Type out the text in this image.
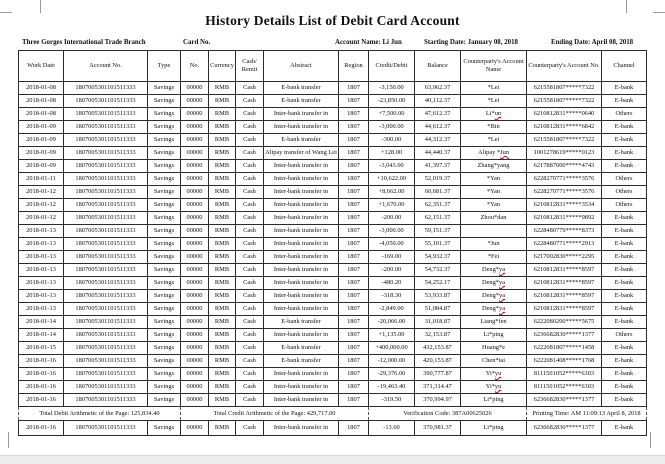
History Details List of Debit Card Account
Three Gorges International Trade Branch	Card No.	Account Name: Li Jun	Starting Date: January 08, 2018	Ending Date: April 08, 2018
Work Date	Account No.	Type	No.	Currency	Cash/ Remit	Abstract	Region	Credit/Debit	Balance	Counterparty's Account Name	Counterparty's Account No.	Channel
2018-01-08	1807005301101511333	Savings	00000	RMB	Cash	E-bank transfer	1807	-3,150.00	63,962.37	*Lei	6215581807*****7322	E-bank
2018-01-08	1807005301101511333	Savings	00000	RMB	Cash	E-bank transfer	1807	-23,850.00	40,112.37	*Lei	6215581807*****7322	E-bank
2018-01-08	1807005301101511333	Savings	00000	RMB	Cash	Inter-bank transfer in	1807	+7,500.00	47,612.37	Li*un	6210812831*****0640	Others
2018-01-09	1807005301101511333	Savings	00000	RMB	Cash	Inter-bank transfer in	1807	-3,000.00	44,612.37	*Bin	6210812831*****6842	E-bank
2018-01-09	1807005301101511333	Savings	00000	RMB	Cash	E-bank transfer	1807	-300.00	44,312.37	*Lei	6215581807*****7322	E-bank
2018-01-09	1807005301101511333	Savings	00000	RMB	Cash	Alipay transfer of Wang Lei	1807	+128.00	44,440.37	Alipay *Jun	1001278619*****0123	E-bank
2018-01-09	1807005301101511333	Savings	00000	RMB	Cash	Inter-bank transfer in	1807	-3,043.00	41,397.37	Zhang*yang	6217887000*****4743	E-bank
2018-01-11	1807005301101511333	Savings	00000	RMB	Cash	Inter-bank transfer in	1807	+10,622.00	52,019.37	*Yan	6228270771*****3576	Others
2018-01-12	1807005301101511333	Savings	00000	RMB	Cash	Inter-bank transfer in	1807	+8,662.00	60,681.37	*Yan	6228270771*****3576	Others
2018-01-12	1807005301101511333	Savings	00000	RMB	Cash	Inter-bank transfer in	1807	+1,670.00	62,351.37	*Yan	6210812831*****3534	Others
2018-01-12	1807005301101511333	Savings	00000	RMB	Cash	Inter-bank transfer in	1807	-200.00	62,151.37	Zhou*dan	6210812831*****9892	E-bank
2018-01-13	1807005301101511333	Savings	00000	RMB	Cash	Inter-bank transfer in	1807	-3,000.00	59,151.37		6228480779*****8373	E-bank
2018-01-13	1807005301101511333	Savings	00000	RMB	Cash	Inter-bank transfer in	1807	-4,050.00	55,101.37	*Jun	6228480771*****2913	E-bank
2018-01-13	1807005301101511333	Savings	00000	RMB	Cash	Inter-bank transfer in	1807	-169.00	54,932.37	*Fei	6217002830*****2295	E-bank
2018-01-13	1807005301101511333	Savings	00000	RMB	Cash	Inter-bank transfer in	1807	-200.00	54,732.37	Deng*ya	6210812831*****8597	E-bank
2018-01-13	1807005301101511333	Savings	00000	RMB	Cash	Inter-bank transfer in	1807	-480.20	54,252.17	Deng*ya	6210812831*****8597	E-bank
2018-01-13	1807005301101511333	Savings	00000	RMB	Cash	Inter-bank transfer in	1807	-318.30	53,933.87	Deng*ya	6210812831*****8597	E-bank
2018-01-13	1807005301101511333	Savings	00000	RMB	Cash	Inter-bank transfer in	1807	-2,849.00	51,084.87	Deng*ya	6210812831*****8597	E-bank
2018-01-14	1807005301101511333	Savings	00000	RMB	Cash	E-bank transfer	1807	-20,066.00	31,018.87	Liang*fen	6222080200*****5675	E-bank
2018-01-14	1807005301101511333	Savings	00000	RMB	Cash	Inter-bank transfer in	1807	+1,135.00	32,153.87	Li*ping	6236682830*****1377	Others
2018-01-15	1807005301101511333	Savings	00000	RMB	Cash	E-bank transfer	1807	+400,000.00	432,153.87	Huang*e	6222081807*****1458	E-bank
2018-01-16	1807005301101511333	Savings	00000	RMB	Cash	E-bank transfer	1807	-12,000.00	420,153.87	Chen*tai	6222081408*****1768	E-bank
2018-01-16	1807005301101511333	Savings	00000	RMB	Cash	Inter-bank transfer in	1807	-29,376.00	390,777.87	Yi*yu	8111501052*****6303	E-bank
2018-01-16	1807005301101511333	Savings	00000	RMB	Cash	Inter-bank transfer in	1807	-19,463.40	371,314.47	Yi*yu	8111501052*****6303	E-bank
2018-01-16	1807005301101511333	Savings	00000	RMB	Cash	Inter-bank transfer in	1807	-319.50	370,994.97	Li*ping	6236682830*****1377	E-bank
Total Debit Arithmetic of the Page: 125,834.40			Total Credit Arithmetic of the Page: 429,717.00					Verification Code: 387A00625026			Printing Time: AM 11:09:13 April 8, 2018	
2018-01-16	1807005301101511333	Savings	00000	RMB	Cash	Inter-bank transfer in	1807	-13.60	370,981.37	Li*ping	6236682830*****1377	E-bank
